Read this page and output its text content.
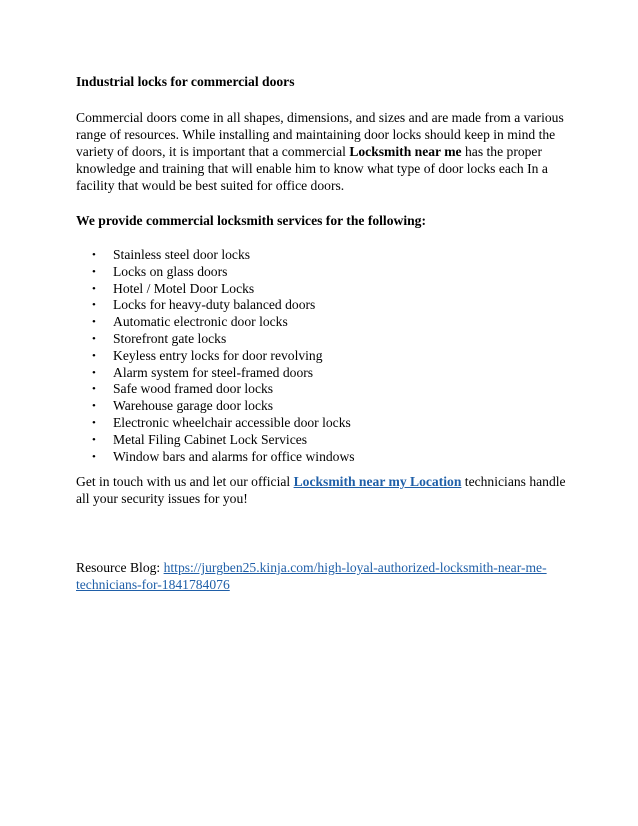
Industrial locks for commercial doors

Commercial doors come in all shapes, dimensions, and sizes and are made from a various range of resources. While installing and maintaining door locks should keep in mind the variety of doors, it is important that a commercial Locksmith near me has the proper knowledge and training that will enable him to know what type of door locks each In a facility that would be best suited for office doors.

We provide commercial locksmith services for the following:

• Stainless steel door locks
• Locks on glass doors
• Hotel / Motel Door Locks
• Locks for heavy-duty balanced doors
• Automatic electronic door locks
• Storefront gate locks
• Keyless entry locks for door revolving
• Alarm system for steel-framed doors
• Safe wood framed door locks
• Warehouse garage door locks
• Electronic wheelchair accessible door locks
• Metal Filing Cabinet Lock Services
• Window bars and alarms for office windows

Get in touch with us and let our official Locksmith near my Location technicians handle all your security issues for you!

Resource Blog: https://jurgben25.kinja.com/high-loyal-authorized-locksmith-near-me-technicians-for-1841784076
